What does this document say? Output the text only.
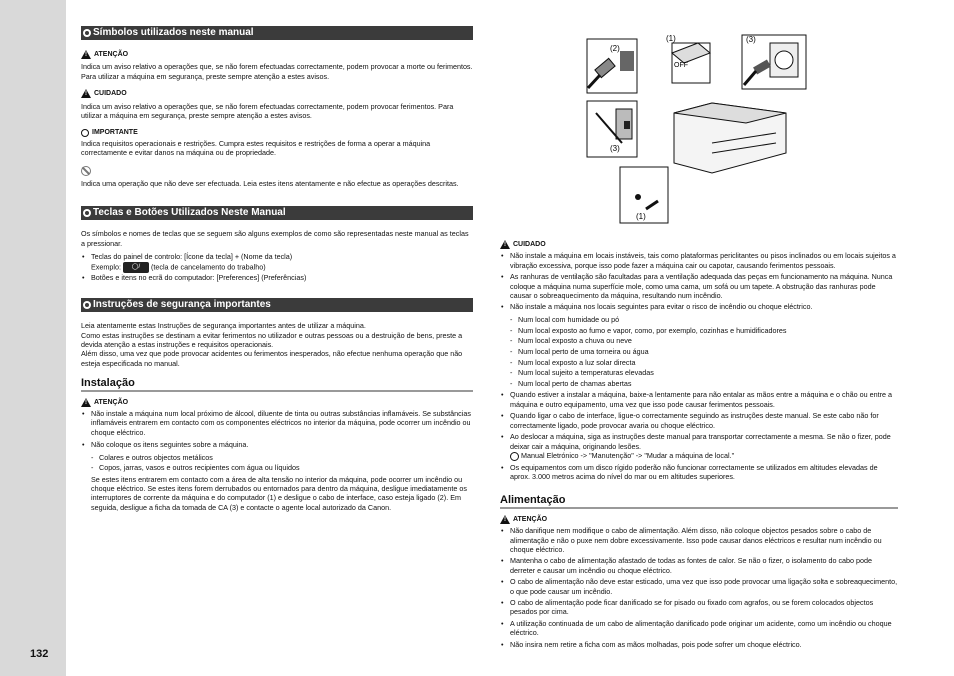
132
Símbolos utilizados neste manual
!
ATENÇÃO

Indica um aviso relativo a operações que, se não forem efectuadas correctamente, podem provocar a morte ou ferimentos. Para utilizar a máquina em segurança, preste sempre atenção a estes avisos.

!
CUIDADO

Indica um aviso relativo a operações que, se não forem efectuadas correctamente, podem provocar ferimentos. Para utilizar a máquina em segurança, preste sempre atenção a estes avisos.

IMPORTANTE

Indica requisitos operacionais e restrições. Cumpra estes requisitos e restrições de forma a operar a máquina correctamente e evitar danos na máquina ou de propriedade.

Indica uma operação que não deve ser efectuada. Leia estes itens atentamente e não efectue as operações descritas.

Teclas e Botões Utilizados Neste Manual

Os símbolos e nomes de teclas que se seguem são alguns exemplos de como são representadas neste manual as teclas a pressionar.

• Teclas do painel de controlo: [Ícone da tecla] + (Nome da tecla)
Exemplo: ◯/ (tecla de cancelamento do trabalho)
• Botões e itens no ecrã do computador: [Preferences] (Preferências)
Instruções de segurança importantes

Leia atentamente estas Instruções de segurança importantes antes de utilizar a máquina.

Como estas instruções se destinam a evitar ferimentos no utilizador e outras pessoas ou a destruição de bens, preste a devida atenção a estas instruções e requisitos operacionais.

Além disso, uma vez que pode provocar acidentes ou ferimentos inesperados, não efectue nenhuma operação que não esteja especificada no manual.

Instalação
!
ATENÇÃO
• Não instale a máquina num local próximo de álcool, diluente de tinta ou outras substâncias inflamáveis. Se substâncias inflamáveis entrarem em contacto com os componentes eléctricos no interior da máquina, pode ocorrer um incêndio ou choque eléctrico.
• Não coloque os itens seguintes sobre a máquina.
- Colares e outros objectos metálicos
- Copos, jarras, vasos e outros recipientes com água ou líquidos

Se estes itens entrarem em contacto com a área de alta tensão no interior da máquina, pode ocorrer um incêndio ou choque eléctrico. Se estes itens forem derrubados ou entornados para dentro da máquina, desligue imediatamente os interruptores de corrente da máquina e do computador (1) e desligue o cabo de interface, caso esteja ligado (2). Em seguida, desligue a ficha da tomada de CA (3) e contacte o agente local autorizado da Canon.

(2)
(3)
OFF
(1)	(3)
(1)
!
CUIDADO
• Não instale a máquina em locais instáveis, tais como plataformas periclitantes ou pisos inclinados ou em locais sujeitos a vibração excessiva, porque isso pode fazer a máquina cair ou capotar, causando ferimentos pessoais.
• As ranhuras de ventilação são facultadas para a ventilação adequada das peças em funcionamento na máquina. Nunca coloque a máquina numa superfície mole, como uma cama, um sofá ou um tapete. A obstrução das ranhuras pode causar o sobreaquecimento da máquina, resultando num incêndio.
• Não instale a máquina nos locais seguintes para evitar o risco de incêndio ou choque eléctrico.
- Num local com humidade ou pó
- Num local exposto ao fumo e vapor, como, por exemplo, cozinhas e humidificadores
- Num local exposto a chuva ou neve
- Num local perto de uma torneira ou água
- Num local exposto a luz solar directa
- Num local sujeito a temperaturas elevadas
- Num local perto de chamas abertas
• Quando estiver a instalar a máquina, baixe-a lentamente para não entalar as mãos entre a máquina e o chão ou entre a máquina e outro equipamento, uma vez que isso pode causar ferimentos pessoais.
• Quando ligar o cabo de interface, ligue-o correctamente seguindo as instruções deste manual. Se este cabo não for correctamente ligado, pode provocar avaria ou choque eléctrico.
• Ao deslocar a máquina, siga as instruções deste manual para transportar correctamente a mesma. Se não o fizer, pode deixar cair a máquina, originando lesões.
Manual Eletrónico -> "Manutenção" -> "Mudar a máquina de local."
• Os equipamentos com um disco rígido poderão não funcionar correctamente se utilizados em altitudes elevadas de aprox. 3.000 metros acima do nível do mar ou em altitudes superiores.
Alimentação
!
ATENÇÃO
• Não danifique nem modifique o cabo de alimentação. Além disso, não coloque objectos pesados sobre o cabo de alimentação e não o puxe nem dobre excessivamente. Isso pode causar danos eléctricos e resultar num incêndio ou choque eléctrico.
• Mantenha o cabo de alimentação afastado de todas as fontes de calor. Se não o fizer, o isolamento do cabo pode derreter e causar um incêndio ou choque eléctrico.
• O cabo de alimentação não deve estar esticado, uma vez que isso pode provocar uma ligação solta e sobreaquecimento, o que pode causar um incêndio.
• O cabo de alimentação pode ficar danificado se for pisado ou fixado com agrafos, ou se forem colocados objectos pesados por cima.
• A utilização continuada de um cabo de alimentação danificado pode originar um acidente, como um incêndio ou choque eléctrico.
• Não insira nem retire a ficha com as mãos molhadas, pois pode sofrer um choque eléctrico.
